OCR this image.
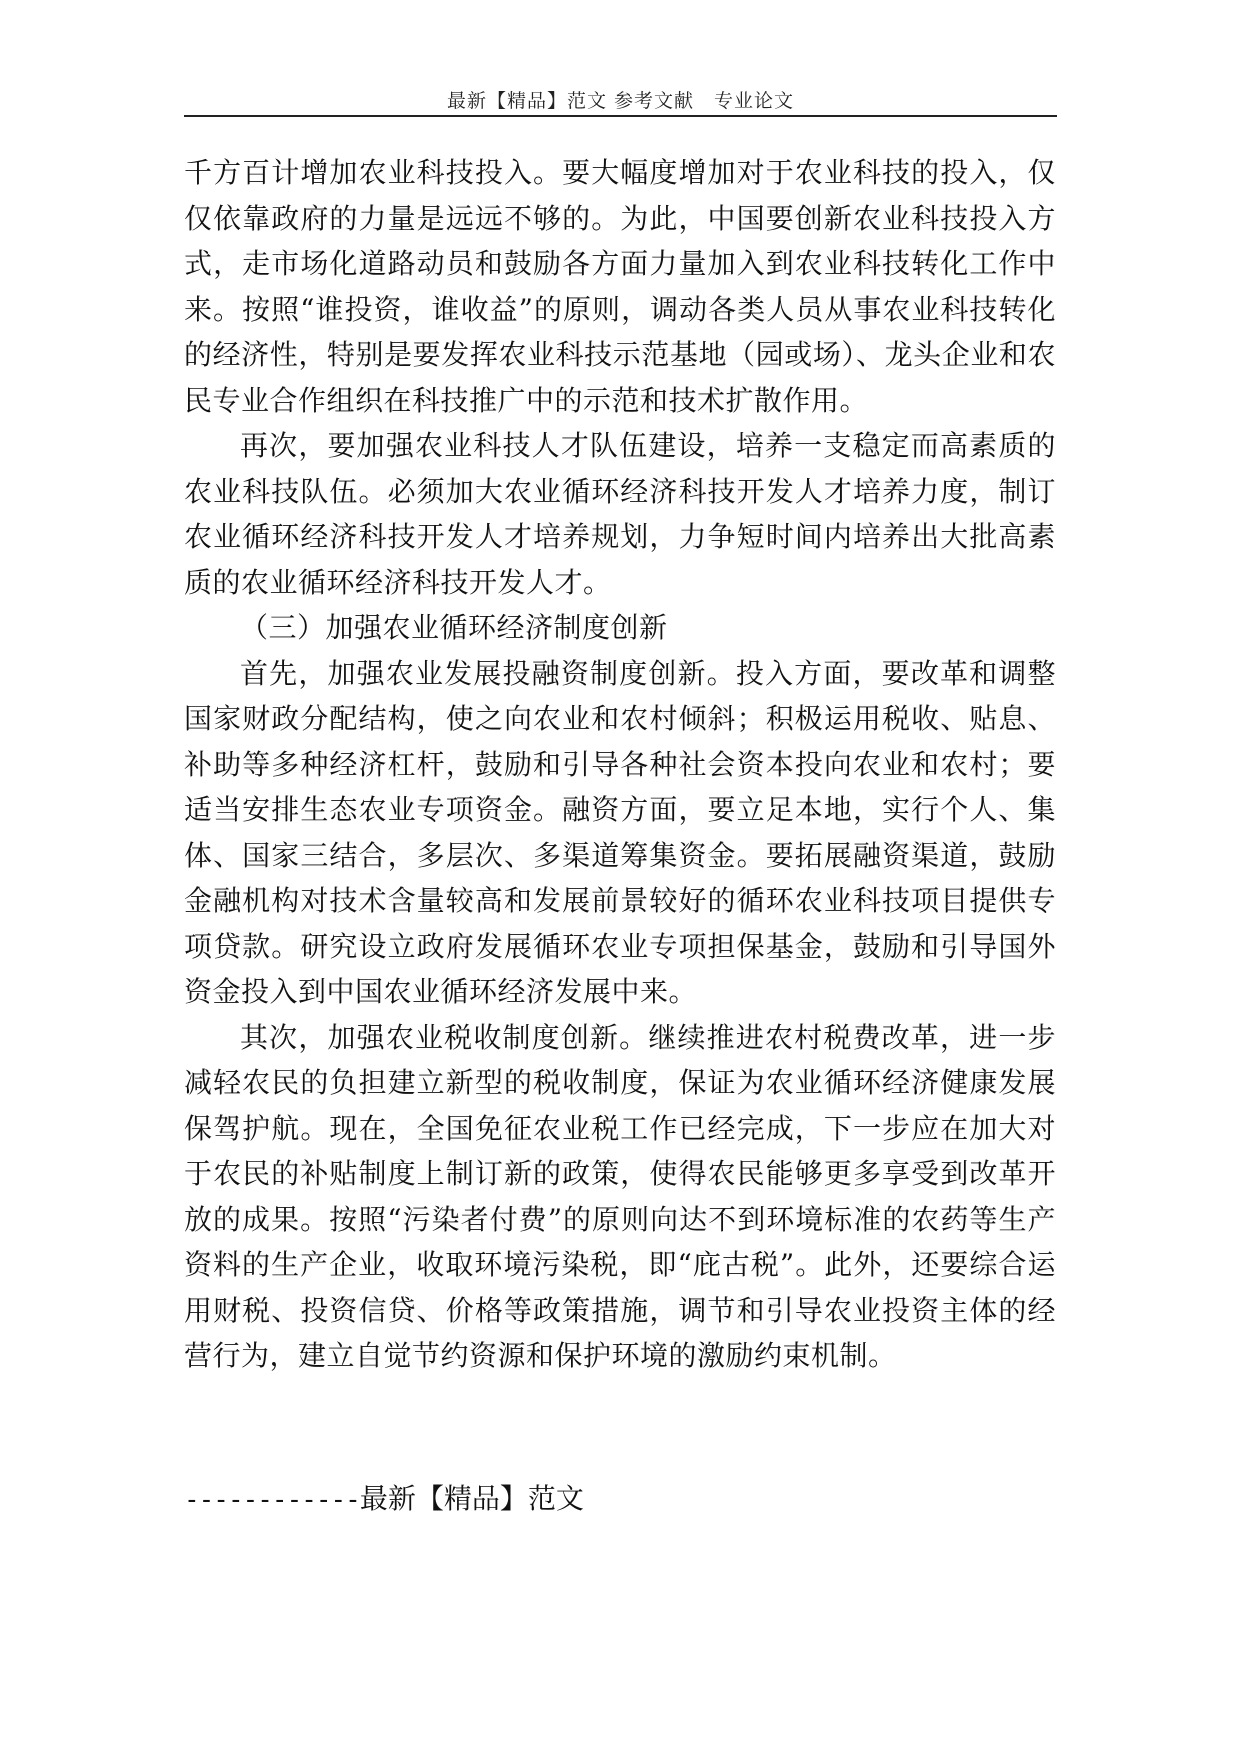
最新【精品】范文 参考文献　专业论文

千方百计增加农业科技投入。要大幅度增加对于农业科技的投入，仅仅依靠政府的力量是远远不够的。为此，中国要创新农业科技投入方式，走市场化道路动员和鼓励各方面力量加入到农业科技转化工作中来。按照“谁投资，谁收益”的原则，调动各类人员从事农业科技转化的经济性，特别是要发挥农业科技示范基地（园或场）、龙头企业和农民专业合作组织在科技推广中的示范和技术扩散作用。

再次，要加强农业科技人才队伍建设，培养一支稳定而高素质的农业科技队伍。必须加大农业循环经济科技开发人才培养力度，制订农业循环经济科技开发人才培养规划，力争短时间内培养出大批高素质的农业循环经济科技开发人才。

（三）加强农业循环经济制度创新

首先，加强农业发展投融资制度创新。投入方面，要改革和调整国家财政分配结构，使之向农业和农村倾斜；积极运用税收、贴息、补助等多种经济杠杆，鼓励和引导各种社会资本投向农业和农村；要适当安排生态农业专项资金。融资方面，要立足本地，实行个人、集体、国家三结合，多层次、多渠道筹集资金。要拓展融资渠道，鼓励金融机构对技术含量较高和发展前景较好的循环农业科技项目提供专项贷款。研究设立政府发展循环农业专项担保基金，鼓励和引导国外资金投入到中国农业循环经济发展中来。

其次，加强农业税收制度创新。继续推进农村税费改革，进一步减轻农民的负担建立新型的税收制度，保证为农业循环经济健康发展保驾护航。现在，全国免征农业税工作已经完成，下一步应在加大对于农民的补贴制度上制订新的政策，使得农民能够更多享受到改革开放的成果。按照“污染者付费”的原则向达不到环境标准的农药等生产资料的生产企业，收取环境污染税，即“庇古税”。此外，还要综合运用财税、投资信贷、价格等政策措施，调节和引导农业投资主体的经营行为，建立自觉节约资源和保护环境的激励约束机制。

------------最新【精品】范文
